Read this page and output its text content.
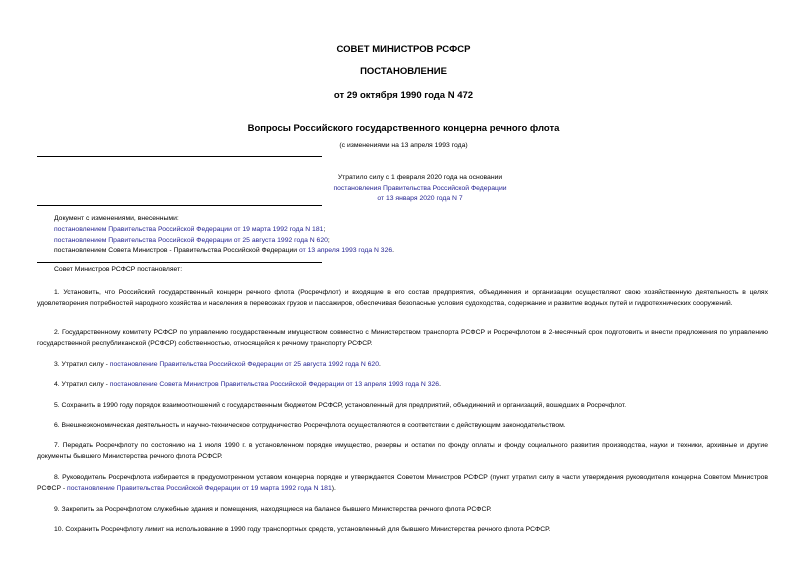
СОВЕТ МИНИСТРОВ РСФСР
ПОСТАНОВЛЕНИЕ
от 29 октября 1990 года N 472
Вопросы Российского государственного концерна речного флота
(с изменениями на 13 апреля 1993 года)
Утратило силу с 1 февраля 2020 года на основании
постановления Правительства Российской Федерации
от 13 января 2020 года N 7
Документ с изменениями, внесенными:
постановлением Правительства Российской Федерации от 19 марта 1992 года N 181;
постановлением Правительства Российской Федерации от 25 августа 1992 года N 620;
постановлением Совета Министров - Правительства Российской Федерации от 13 апреля 1993 года N 326.
Совет Министров РСФСР постановляет:

1. Установить, что Российский государственный концерн речного флота (Росречфлот) и входящие в его состав предприятия, объединения и организации осуществляют свою хозяйственную деятельность в целях удовлетворения потребностей народного хозяйства и населения в перевозках грузов и пассажиров, обеспечивая безопасные условия судоходства, содержание и развитие водных путей и гидротехнических сооружений.

2. Государственному комитету РСФСР по управлению государственным имуществом совместно с Министерством транспорта РСФСР и Росречфлотом в 2-месячный срок подготовить и внести предложения по управлению государственной республиканской (РСФСР) собственностью, относящейся к речному транспорту РСФСР.

3. Утратил силу - постановление Правительства Российской Федерации от 25 августа 1992 года N 620.

4. Утратил силу - постановление Совета Министров Правительства Российской Федерации от 13 апреля 1993 года N 326.

5. Сохранить в 1990 году порядок взаимоотношений с государственным бюджетом РСФСР, установленный для предприятий, объединений и организаций, вошедших в Росречфлот.

6. Внешнеэкономическая деятельность и научно-техническое сотрудничество Росречфлота осуществляются в соответствии с действующим законодательством.

7. Передать Росречфлоту по состоянию на 1 июля 1990 г. в установленном порядке имущество, резервы и остатки по фонду оплаты и фонду социального развития производства, науки и техники, архивные и другие документы бывшего Министерства речного флота РСФСР.

8. Руководитель Росречфлота избирается в предусмотренном уставом концерна порядке и утверждается Советом Министров РСФСР (пункт утратил силу в части утверждения руководителя концерна Советом Министров РСФСР - постановление Правительства Российской Федерации от 19 марта 1992 года N 181).

9. Закрепить за Росречфлотом служебные здания и помещения, находящиеся на балансе бывшего Министерства речного флота РСФСР.

10. Сохранить Росречфлоту лимит на использование в 1990 году транспортных средств, установленный для бывшего Министерства речного флота РСФСР.
